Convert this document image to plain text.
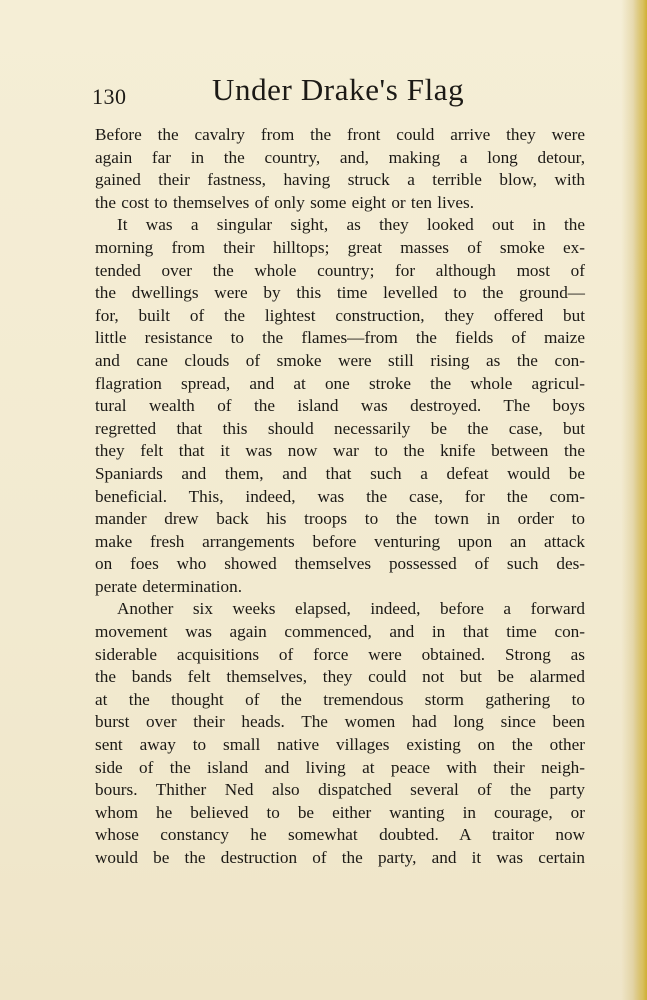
130	Under Drake's Flag
Before the cavalry from the front could arrive they were
again far in the country, and, making a long detour,
gained their fastness, having struck a terrible blow, with
the cost to themselves of only some eight or ten lives.
It was a singular sight, as they looked out in the
morning from their hilltops; great masses of smoke ex-
tended over the whole country; for although most of
the dwellings were by this time levelled to the ground—
for, built of the lightest construction, they offered but
little resistance to the flames—from the fields of maize
and cane clouds of smoke were still rising as the con-
flagration spread, and at one stroke the whole agricul-
tural wealth of the island was destroyed. The boys
regretted that this should necessarily be the case, but
they felt that it was now war to the knife between the
Spaniards and them, and that such a defeat would be
beneficial. This, indeed, was the case, for the com-
mander drew back his troops to the town in order to
make fresh arrangements before venturing upon an attack
on foes who showed themselves possessed of such des-
perate determination.
Another six weeks elapsed, indeed, before a forward
movement was again commenced, and in that time con-
siderable acquisitions of force were obtained. Strong as
the bands felt themselves, they could not but be alarmed
at the thought of the tremendous storm gathering to
burst over their heads. The women had long since been
sent away to small native villages existing on the other
side of the island and living at peace with their neigh-
bours. Thither Ned also dispatched several of the party
whom he believed to be either wanting in courage, or
whose constancy he somewhat doubted. A traitor now
would be the destruction of the party, and it was certain
